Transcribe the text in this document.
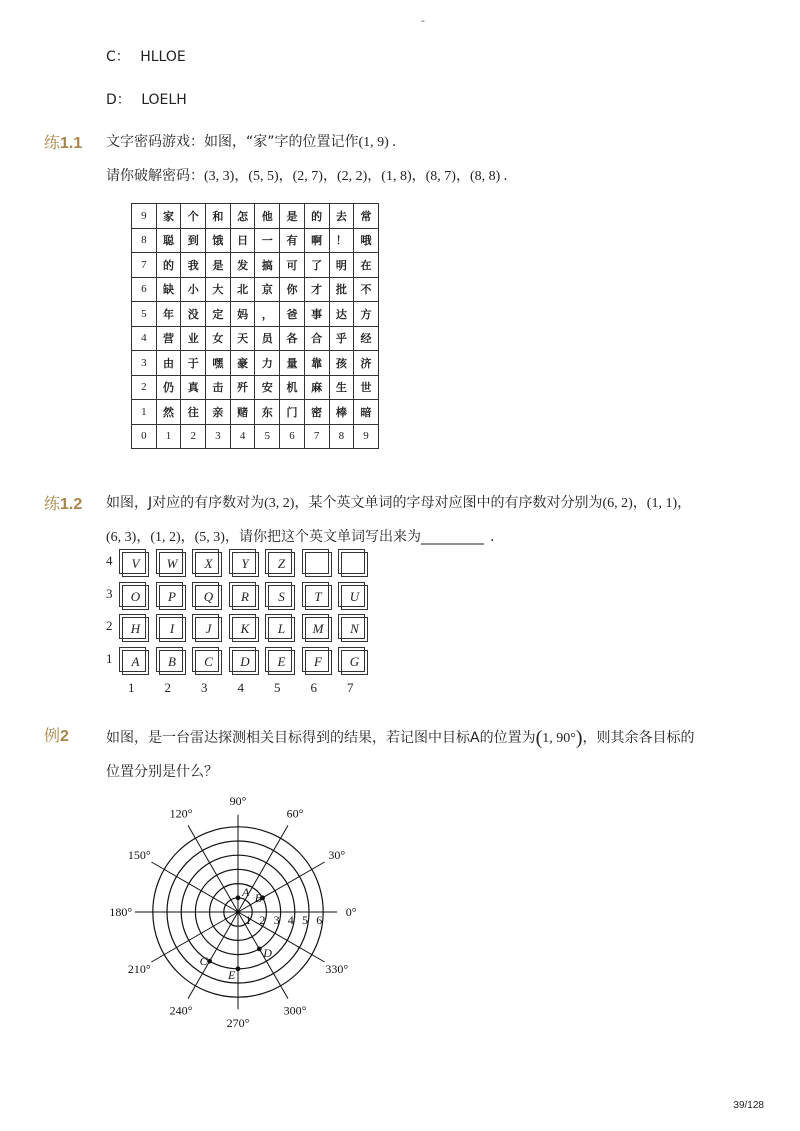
-
C： HLLOE
D： LOELH
练1.1 文字密码游戏：如图，“家”字的位置记作(1, 9) .
请你破解密码：(3, 3)，(5, 5)，(2, 7)，(2, 2)，(1, 8)，(8, 7)，(8, 8) .
9	家	个	和	怎	他	是	的	去	常
8	聪	到	饿	日	一	有	啊	！	哦
7	的	我	是	发	搞	可	了	明	在
6	缺	小	大	北	京	你	才	批	不
5	年	没	定	妈	，	爸	事	达	方
4	营	业	女	天	员	各	合	乎	经
3	由	于	嘿	豪	力	量	靠	孩	济
2	仍	真	击	歼	安	机	麻	生	世
1	然	往	亲	赌	东	门	密	棒	暗
0	1	2	3	4	5	6	7	8	9
练1.2 如图，J对应的有序数对为(3, 2)，某个英文单词的字母对应图中的有序数对分别为(6, 2)，(1, 1)，
(6, 3)，(1, 2)，(5, 3)，请你把这个英文单词写出来为_________ .
4	V	W	X	Y	Z
3	O	P	Q	R	S	T	U
2	H	I	J	K	L	M	N
1	A	B	C	D	E	F	G
1 2 3 4 5 6 7
例2	如图，是一台雷达探测相关目标得到的结果，若记图中目标A的位置为(1, 90°)，则其余各目标的
位置分别是什么？
0°
30°
60°
90°
120°
150°
180°
210°
240°
270°
300°
330°
1 2 3 4 5 6
A B
C
D
E
39/128
